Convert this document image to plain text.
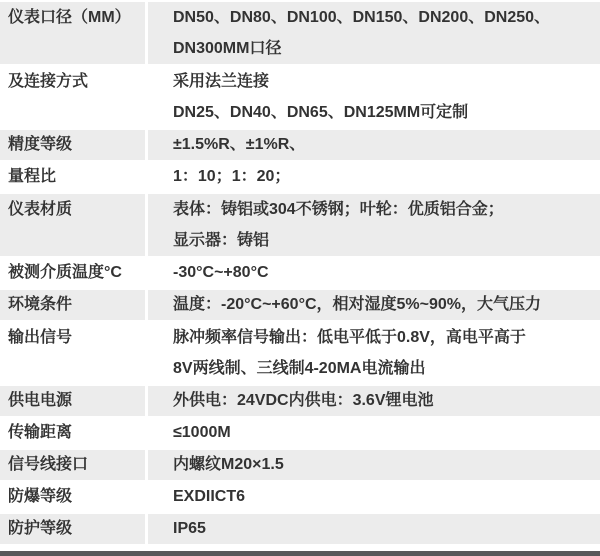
仪表口径（MM）	DN50、DN80、DN100、DN150、DN200、DN250、
DN300MM口径
及连接方式	采用法兰连接
DN25、DN40、DN65、DN125MM可定制
精度等级	±1.5%R、±1%R、
量程比	1：10；1：20；
仪表材质	表体：铸铝或304不锈钢；叶轮：优质铝合金；
显示器：铸铝
被测介质温度°C	-30°C~+80°C
环境条件	温度：-20°C~+60°C，相对湿度5%~90%，大气压力
输出信号	脉冲频率信号输出：低电平低于0.8V，高电平高于
8V两线制、三线制4-20MA电流输出
供电电源	外供电：24VDC内供电：3.6V锂电池
传输距离	≤1000M
信号线接口	内螺纹M20×1.5
防爆等级	EXDIICT6
防护等级	IP65
